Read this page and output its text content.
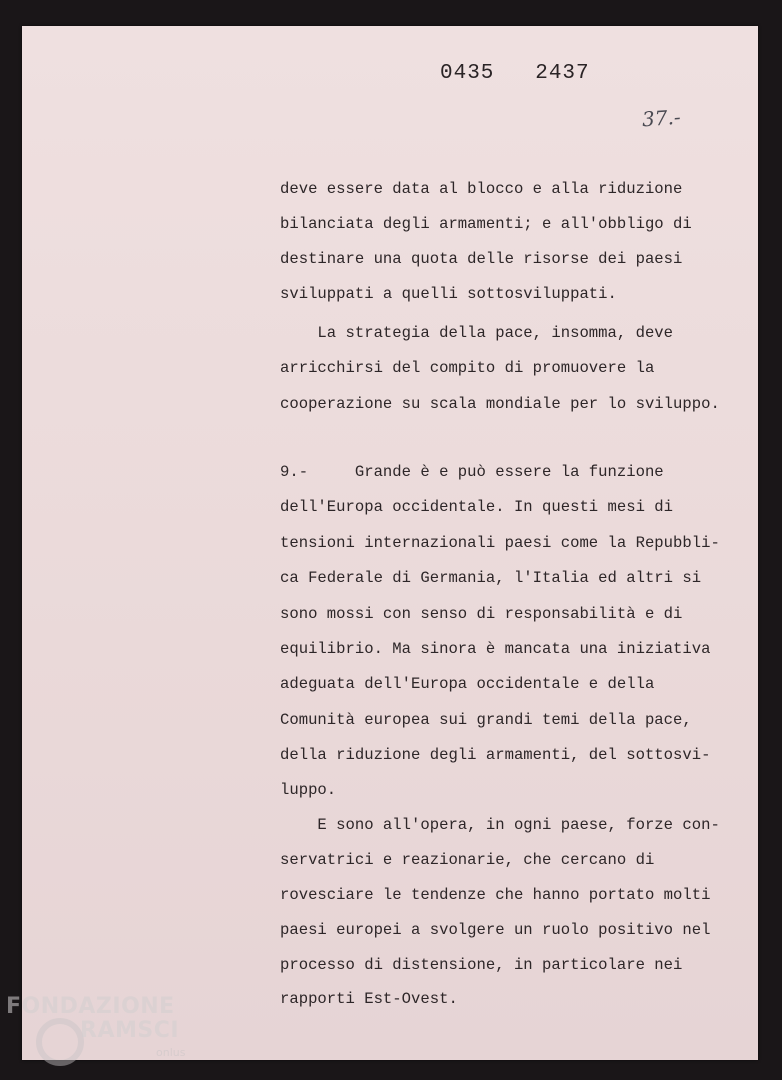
0435   2437
37.-
deve essere data al blocco e alla riduzione
bilanciata degli armamenti; e all'obbligo di
destinare una quota delle risorse dei paesi
sviluppati a quelli sottosviluppati.
La strategia della pace, insomma, deve
arricchirsi del compito di promuovere la
cooperazione su scala mondiale per lo sviluppo.
9.-     Grande è e può essere la funzione
dell'Europa occidentale. In questi mesi di
tensioni internazionali paesi come la Repubbli-
ca Federale di Germania, l'Italia ed altri si
sono mossi con senso di responsabilità e di
equilibrio. Ma sinora è mancata una iniziativa
adeguata dell'Europa occidentale e della
Comunità europea sui grandi temi della pace,
della riduzione degli armamenti, del sottosvi-
luppo.
E sono all'opera, in ogni paese, forze con-
servatrici e reazionarie, che cercano di
rovesciare le tendenze che hanno portato molti
paesi europei a svolgere un ruolo positivo nel
processo di distensione, in particolare nei
rapporti Est-Ovest.
FONDAZIONE
RAMSCI
onlus
